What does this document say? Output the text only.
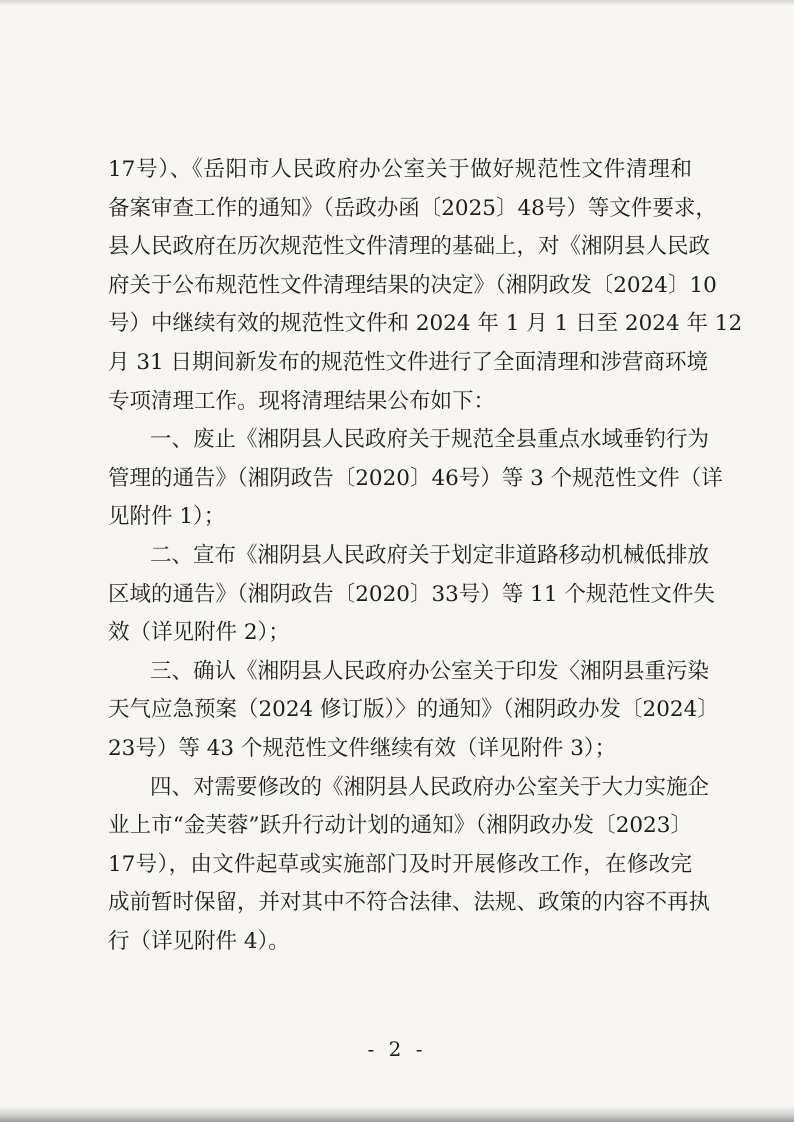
17号）、《岳阳市人民政府办公室关于做好规范性文件清理和
备案审查工作的通知》（岳政办函〔2025〕48号）等文件要求，
县人民政府在历次规范性文件清理的基础上，对《湘阴县人民政
府关于公布规范性文件清理结果的决定》（湘阴政发〔2024〕10
号）中继续有效的规范性文件和 2024 年 1 月 1 日至 2024 年 12
月 31 日期间新发布的规范性文件进行了全面清理和涉营商环境
专项清理工作。现将清理结果公布如下：
一、废止《湘阴县人民政府关于规范全县重点水域垂钓行为
管理的通告》（湘阴政告〔2020〕46号）等 3 个规范性文件（详
见附件 1）；
二、宣布《湘阴县人民政府关于划定非道路移动机械低排放
区域的通告》（湘阴政告〔2020〕33号）等 11 个规范性文件失
效（详见附件 2）；
三、确认《湘阴县人民政府办公室关于印发〈湘阴县重污染
天气应急预案（2024 修订版）〉的通知》（湘阴政办发〔2024〕
23号）等 43 个规范性文件继续有效（详见附件 3）；
四、对需要修改的《湘阴县人民政府办公室关于大力实施企
业上市“金芙蓉”跃升行动计划的通知》（湘阴政办发〔2023〕
17号），由文件起草或实施部门及时开展修改工作，在修改完
成前暂时保留，并对其中不符合法律、法规、政策的内容不再执
行（详见附件 4）。
- 2 -
